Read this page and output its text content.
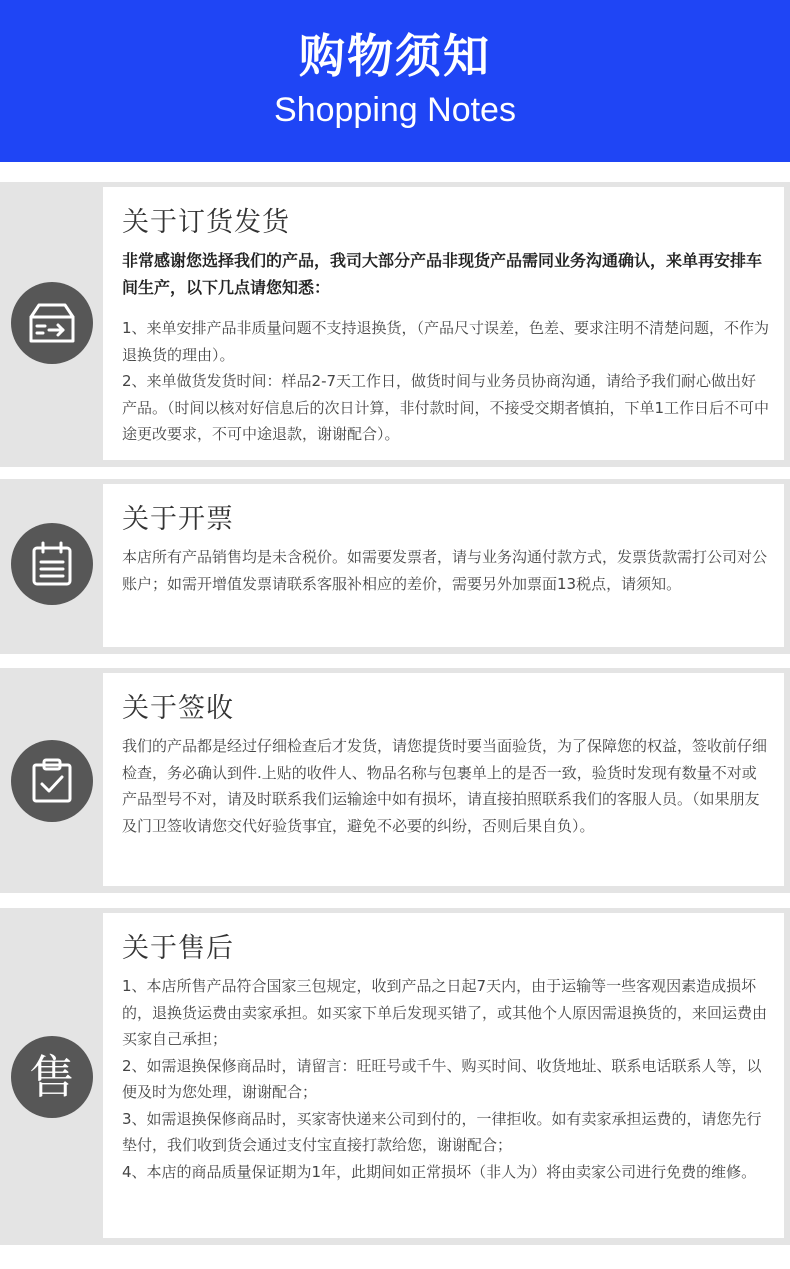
购物须知
Shopping Notes
关于订货发货
非常感谢您选择我们的产品，我司大部分产品非现货产品需同业务沟通确认，来单再安排车间生产，以下几点请您知悉：
1、来单安排产品非质量问题不支持退换货，（产品尺寸误差，色差、要求注明不清楚问题，不作为退换货的理由）。
2、来单做货发货时间：样品2-7天工作日，做货时间与业务员协商沟通，请给予我们耐心做出好产品。（时间以核对好信息后的次日计算，非付款时间，不接受交期者慎拍，下单1工作日后不可中途更改要求，不可中途退款，谢谢配合）。
关于开票
本店所有产品销售均是未含税价。如需要发票者，请与业务沟通付款方式，发票货款需打公司对公账户；如需开增值发票请联系客服补相应的差价，需要另外加票面13税点，请须知。
关于签收
我们的产品都是经过仔细检查后才发货，请您提货时要当面验货，为了保障您的权益，签收前仔细检查，务必确认到件.上贴的收件人、物品名称与包裹单上的是否一致，验货时发现有数量不对或产品型号不对，请及时联系我们运输途中如有损坏，请直接拍照联系我们的客服人员。（如果朋友及门卫签收请您交代好验货事宜，避免不必要的纠纷，否则后果自负）。
售
关于售后
1、本店所售产品符合国家三包规定，收到产品之日起7天内，由于运输等一些客观因素造成损坏的，退换货运费由卖家承担。如买家下单后发现买错了，或其他个人原因需退换货的，来回运费由买家自己承担；
2、如需退换保修商品时，请留言：旺旺号或千牛、购买时间、收货地址、联系电话联系人等，以便及时为您处理，谢谢配合；
3、如需退换保修商品时，买家寄快递来公司到付的，一律拒收。如有卖家承担运费的，请您先行垫付，我们收到货会通过支付宝直接打款给您，谢谢配合；
4、本店的商品质量保证期为1年，此期间如正常损坏（非人为）将由卖家公司进行免费的维修。
